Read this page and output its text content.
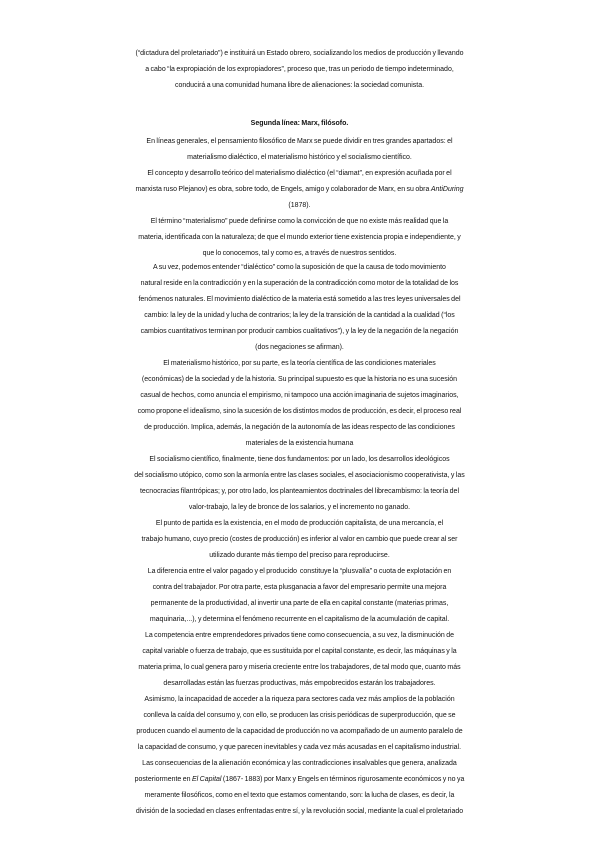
(“dictadura del proletariado”) e instituirá un Estado obrero, socializando los medios de producción y llevando
a cabo “la expropiación de los expropiadores”, proceso que, tras un periodo de tiempo indeterminado,
conducirá a una comunidad humana libre de alienaciones: la sociedad comunista.
Segunda línea: Marx, filósofo.
En líneas generales, el pensamiento filosófico de Marx se puede dividir en tres grandes apartados: el
materialismo dialéctico, el materialismo histórico y el socialismo científico.
El concepto y desarrollo teórico del materialismo dialéctico (el “diamat”, en expresión acuñada por el
marxista ruso Plejanov) es obra, sobre todo, de Engels, amigo y colaborador de Marx, en su obra AntiDuring
(1878).
El término “materialismo” puede definirse como la convicción de que no existe más realidad que la
materia, identificada con la naturaleza; de que el mundo exterior tiene existencia propia e independiente, y
que lo conocemos, tal y como es, a través de nuestros sentidos.
A su vez, podemos entender “dialéctico” como la suposición de que la causa de todo movimiento
natural reside en la contradicción y en la superación de la contradicción como motor de la totalidad de los
fenómenos naturales. El movimiento dialéctico de la materia está sometido a las tres leyes universales del
cambio: la ley de la unidad y lucha de contrarios; la ley de la transición de la cantidad a la cualidad (“los
cambios cuantitativos terminan por producir cambios cualitativos”), y la ley de la negación de la negación
(dos negaciones se afirman).
El materialismo histórico, por su parte, es la teoría científica de las condiciones materiales
(económicas) de la sociedad y de la historia. Su principal supuesto es que la historia no es una sucesión
casual de hechos, como anuncia el empirismo, ni tampoco una acción imaginaria de sujetos imaginarios,
como propone el idealismo, sino la sucesión de los distintos modos de producción, es decir, el proceso real
de producción. Implica, además, la negación de la autonomía de las ideas respecto de las condiciones
materiales de la existencia humana
El socialismo científico, finalmente, tiene dos fundamentos: por un lado, los desarrollos ideológicos
del socialismo utópico, como son la armonía entre las clases sociales, el asociacionismo cooperativista, y las
tecnocracias filantrópicas; y, por otro lado, los planteamientos doctrinales del librecambismo: la teoría del
valor-trabajo, la ley de bronce de los salarios, y el incremento no ganado.
El punto de partida es la existencia, en el modo de producción capitalista, de una mercancía, el
trabajo humano, cuyo precio (costes de producción) es inferior al valor en cambio que puede crear al ser
utilizado durante más tiempo del preciso para reproducirse.
La diferencia entre el valor pagado y el producido  constituye la “plusvalía” o cuota de explotación en
contra del trabajador. Por otra parte, esta plusganacia a favor del empresario permite una mejora
permanente de la productividad, al invertir una parte de ella en capital constante (materias primas,
maquinaria,...), y determina el fenómeno recurrente en el capitalismo de la acumulación de capital.
La competencia entre emprendedores privados tiene como consecuencia, a su vez, la disminución de
capital variable o fuerza de trabajo, que es sustituida por el capital constante, es decir, las máquinas y la
materia prima, lo cual genera paro y miseria creciente entre los trabajadores, de tal modo que, cuanto más
desarrolladas están las fuerzas productivas, más empobrecidos estarán los trabajadores.
Asimismo, la incapacidad de acceder a la riqueza para sectores cada vez más amplios de la población
conlleva la caída del consumo y, con ello, se producen las crisis periódicas de superproducción, que se
producen cuando el aumento de la capacidad de producción no va acompañado de un aumento paralelo de
la capacidad de consumo, y que parecen inevitables y cada vez más acusadas en el capitalismo industrial.
Las consecuencias de la alienación económica y las contradicciones insalvables que genera, analizada
posteriormente en El Capital (1867- 1883) por Marx y Engels en términos rigurosamente económicos y no ya
meramente filosóficos, como en el texto que estamos comentando, son: la lucha de clases, es decir, la
división de la sociedad en clases enfrentadas entre sí, y la revolución social, mediante la cual el proletariado
